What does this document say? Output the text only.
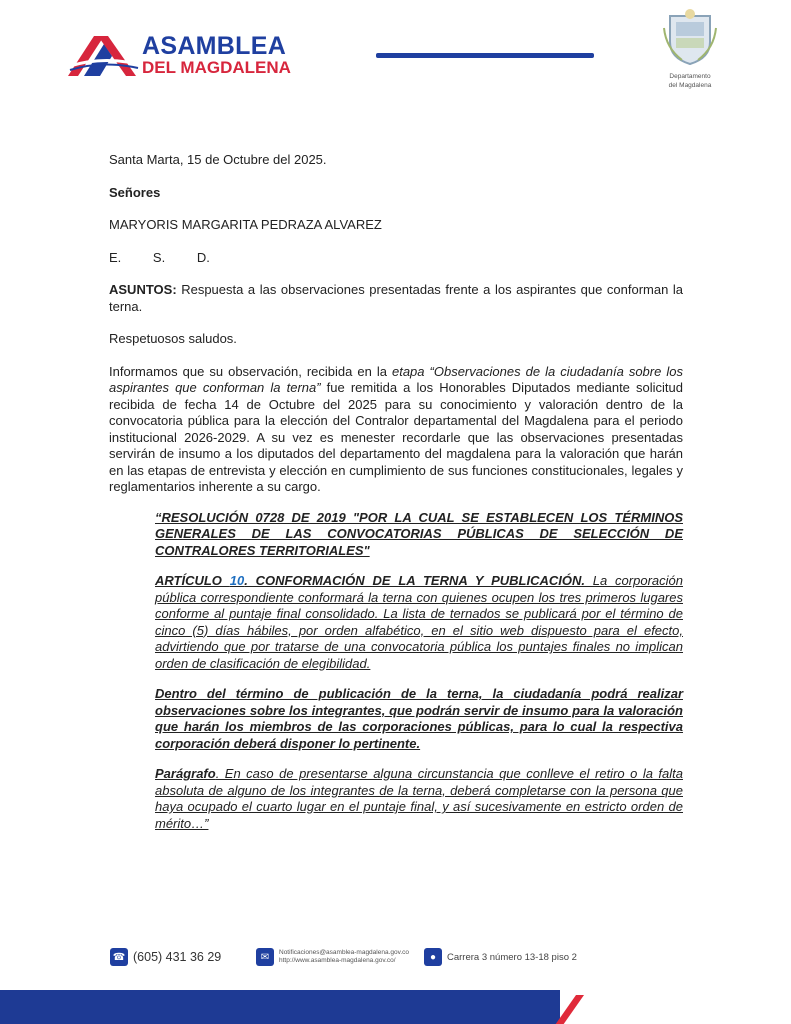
ASAMBLEA
DEL MAGDALENA	Departamento
del Magdalena

Santa Marta, 15 de Octubre del 2025.

Señores

MARYORIS MARGARITA PEDRAZA ALVAREZ

E. S. D.

ASUNTOS: Respuesta a las observaciones presentadas frente a los aspirantes que conforman la terna.

Respetuosos saludos.

Informamos que su observación, recibida en la etapa “Observaciones de la ciudadanía sobre los aspirantes que conforman la terna” fue remitida a los Honorables Diputados mediante solicitud recibida de fecha 14 de Octubre del 2025 para su conocimiento y valoración dentro de la convocatoria pública para la elección del Contralor departamental del Magdalena para el periodo institucional 2026-2029. A su vez es menester recordarle que las observaciones presentadas servirán de insumo a los diputados del departamento del magdalena para la valoración que harán en las etapas de entrevista y elección en cumplimiento de sus funciones constitucionales, legales y reglamentarios inherente a su cargo.

“RESOLUCIÓN 0728 DE 2019 "POR LA CUAL SE ESTABLECEN LOS TÉRMINOS GENERALES DE LAS CONVOCATORIAS PÚBLICAS DE SELECCIÓN DE CONTRALORES TERRITORIALES"

ARTÍCULO 10. CONFORMACIÓN DE LA TERNA Y PUBLICACIÓN. La corporación pública correspondiente conformará la terna con quienes ocupen los tres primeros lugares conforme al puntaje final consolidado. La lista de ternados se publicará por el término de cinco (5) días hábiles, por orden alfabético, en el sitio web dispuesto para el efecto, advirtiendo que por tratarse de una convocatoria pública los puntajes finales no implican orden de clasificación de elegibilidad.

Dentro del término de publicación de la terna, la ciudadanía podrá realizar observaciones sobre los integrantes, que podrán servir de insumo para la valoración que harán los miembros de las corporaciones públicas, para lo cual la respectiva corporación deberá disponer lo pertinente.

Parágrafo. En caso de presentarse alguna circunstancia que conlleve el retiro o la falta absoluta de alguno de los integrantes de la terna, deberá completarse con la persona que haya ocupado el cuarto lugar en el puntaje final, y así sucesivamente en estricto orden de mérito…”

☎ (605) 431 36 29	✉	Notificaciones@asamblea-magdalena.gov.co
http://www.asamblea-magdalena.gov.co/	●	Carrera 3 número 13-18 piso 2
